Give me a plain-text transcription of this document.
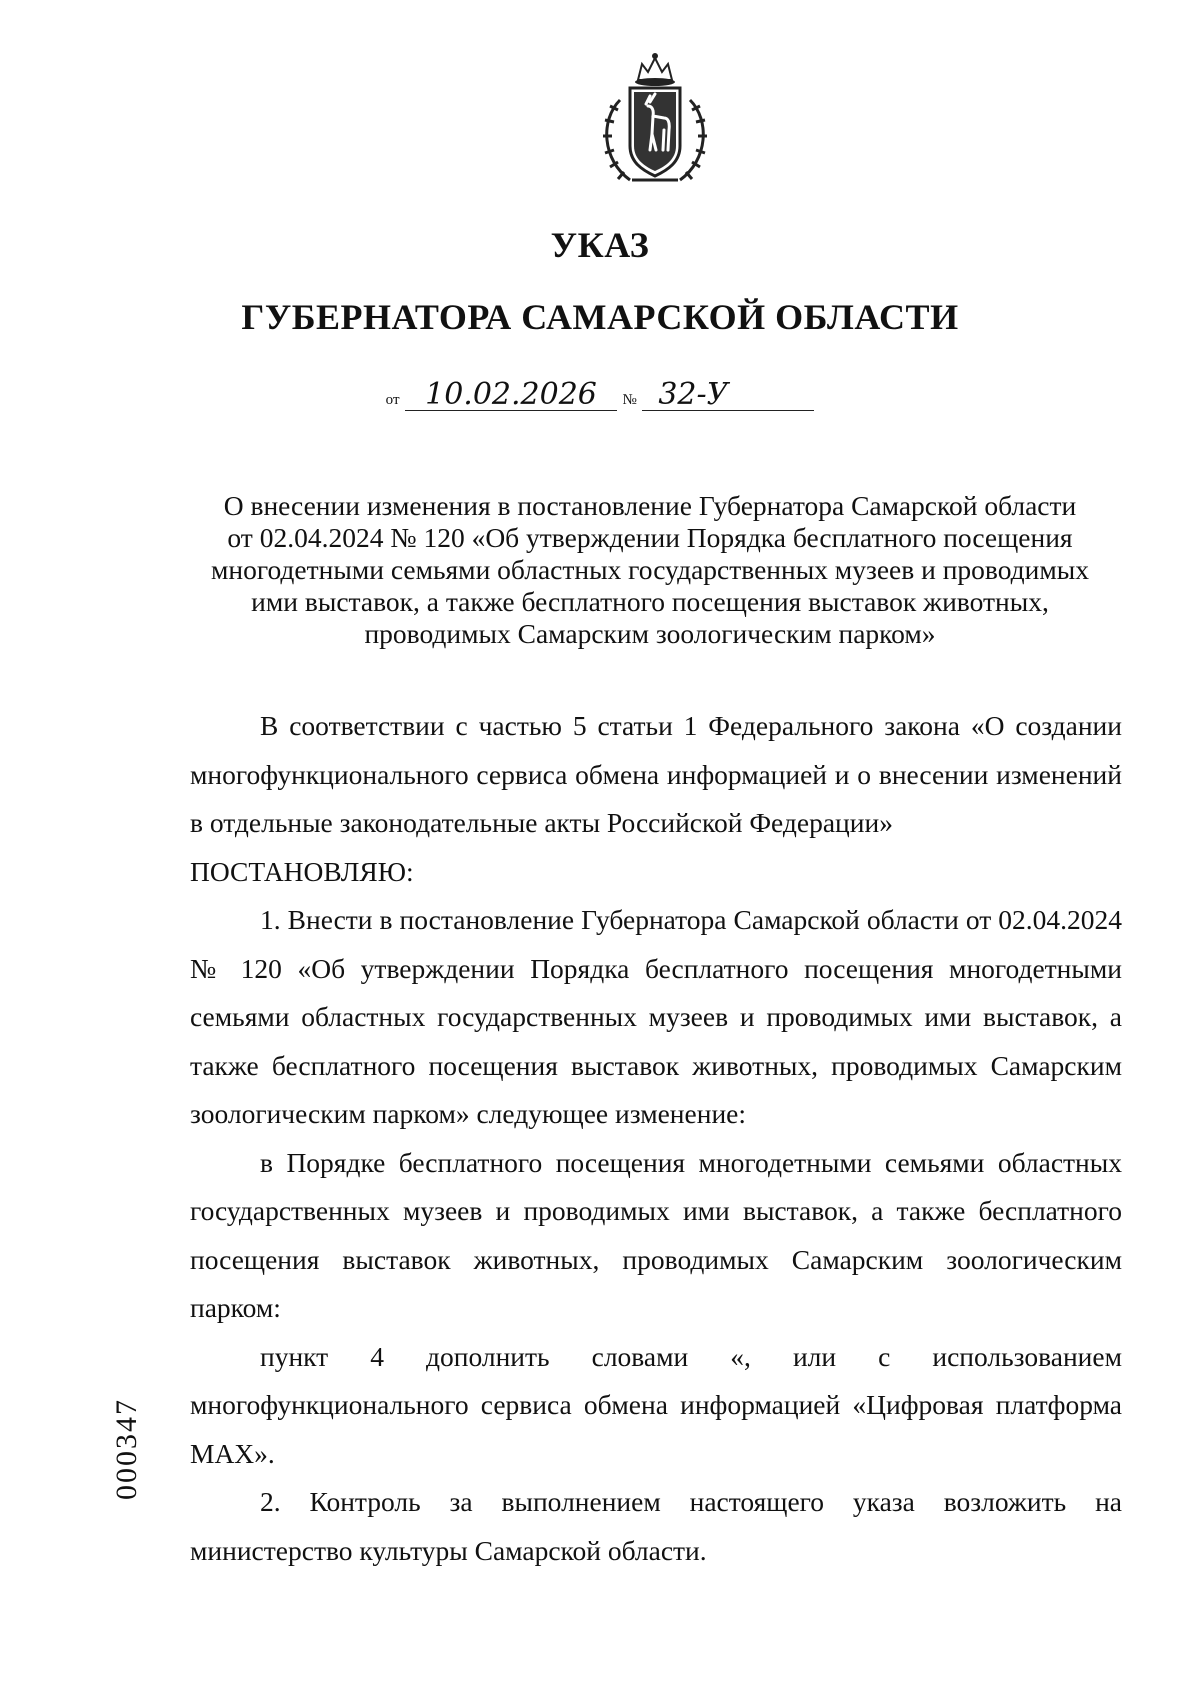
УКАЗ
ГУБЕРНАТОРА САМАРСКОЙ ОБЛАСТИ
от 10.02.2026 № 32-У
О внесении изменения в постановление Губернатора Самарской области
от 02.04.2024 № 120 «Об утверждении Порядка бесплатного посещения
многодетными семьями областных государственных музеев и проводимых
ими выставок, а также бесплатного посещения выставок животных,
проводимых Самарским зоологическим парком»

В соответствии с частью 5 статьи 1 Федерального закона «О создании многофункционального сервиса обмена информацией и о внесении изменений в отдельные законодательные акты Российской Федерации»

ПОСТАНОВЛЯЮ:

1. Внести в постановление Губернатора Самарской области от 02.04.2024 № 120 «Об утверждении Порядка бесплатного посещения многодетными семьями областных государственных музеев и проводимых ими выставок, а также бесплатного посещения выставок животных, проводимых Самарским зоологическим парком» следующее изменение:

в Порядке бесплатного посещения многодетными семьями областных государственных музеев и проводимых ими выставок, а также бесплатного посещения выставок животных, проводимых Самарским зоологическим парком:

пункт 4 дополнить словами «, или с использованием многофункционального сервиса обмена информацией «Цифровая платформа MAX».

2. Контроль за выполнением настоящего указа возложить на министерство культуры Самарской области.

000347
